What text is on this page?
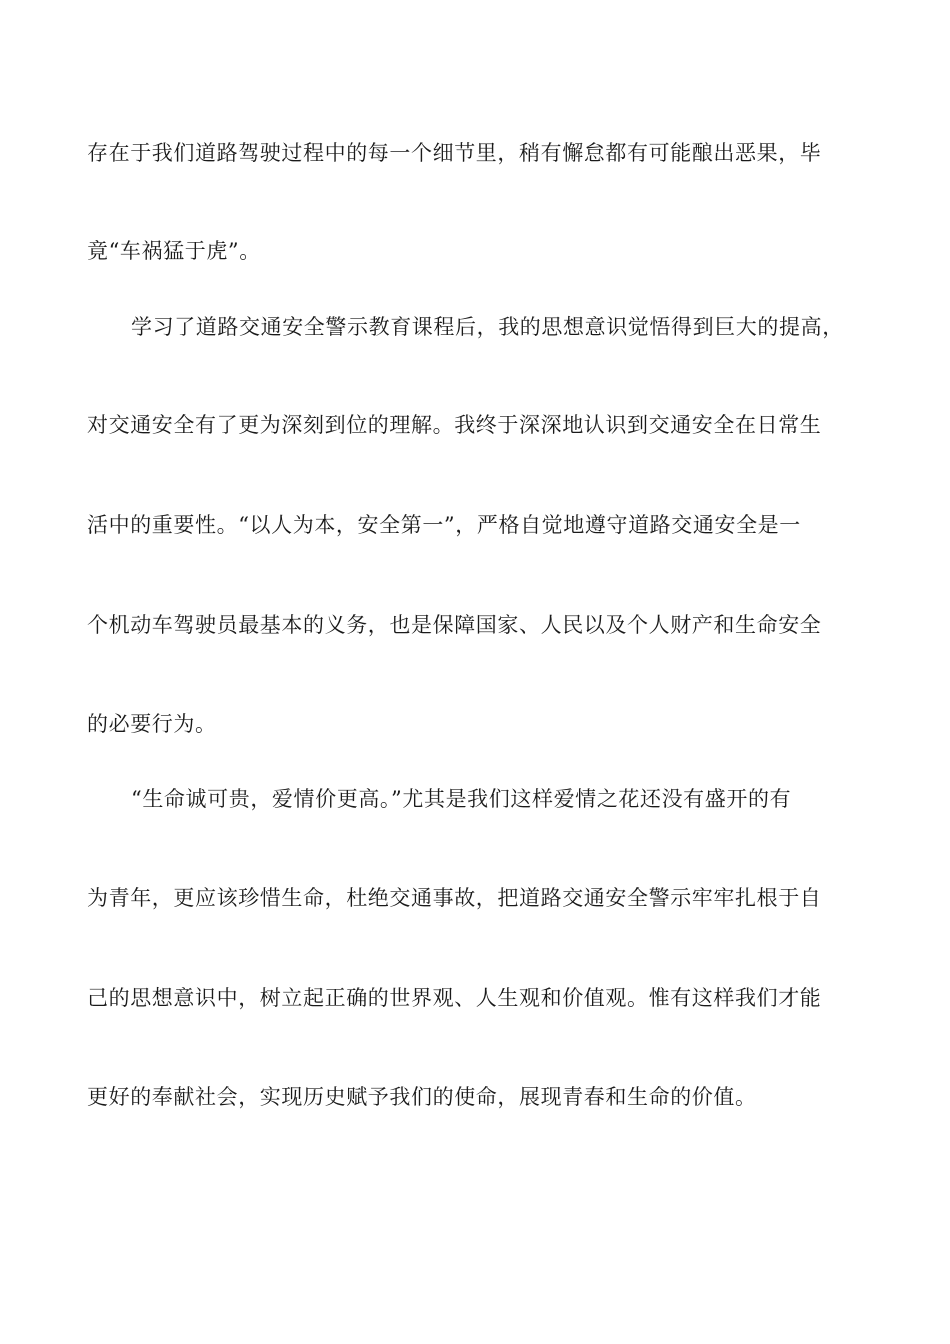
存在于我们道路驾驶过程中的每一个细节里，稍有懈怠都有可能酿出恶果，毕
竟“车祸猛于虎”。
学习了道路交通安全警示教育课程后，我的思想意识觉悟得到巨大的提高，
对交通安全有了更为深刻到位的理解。我终于深深地认识到交通安全在日常生
活中的重要性。“以人为本，安全第一”，严格自觉地遵守道路交通安全是一
个机动车驾驶员最基本的义务，也是保障国家、人民以及个人财产和生命安全
的必要行为。
“生命诚可贵，爱情价更高。”尤其是我们这样爱情之花还没有盛开的有
为青年，更应该珍惜生命，杜绝交通事故，把道路交通安全警示牢牢扎根于自
己的思想意识中，树立起正确的世界观、人生观和价值观。惟有这样我们才能
更好的奉献社会，实现历史赋予我们的使命，展现青春和生命的价值。
